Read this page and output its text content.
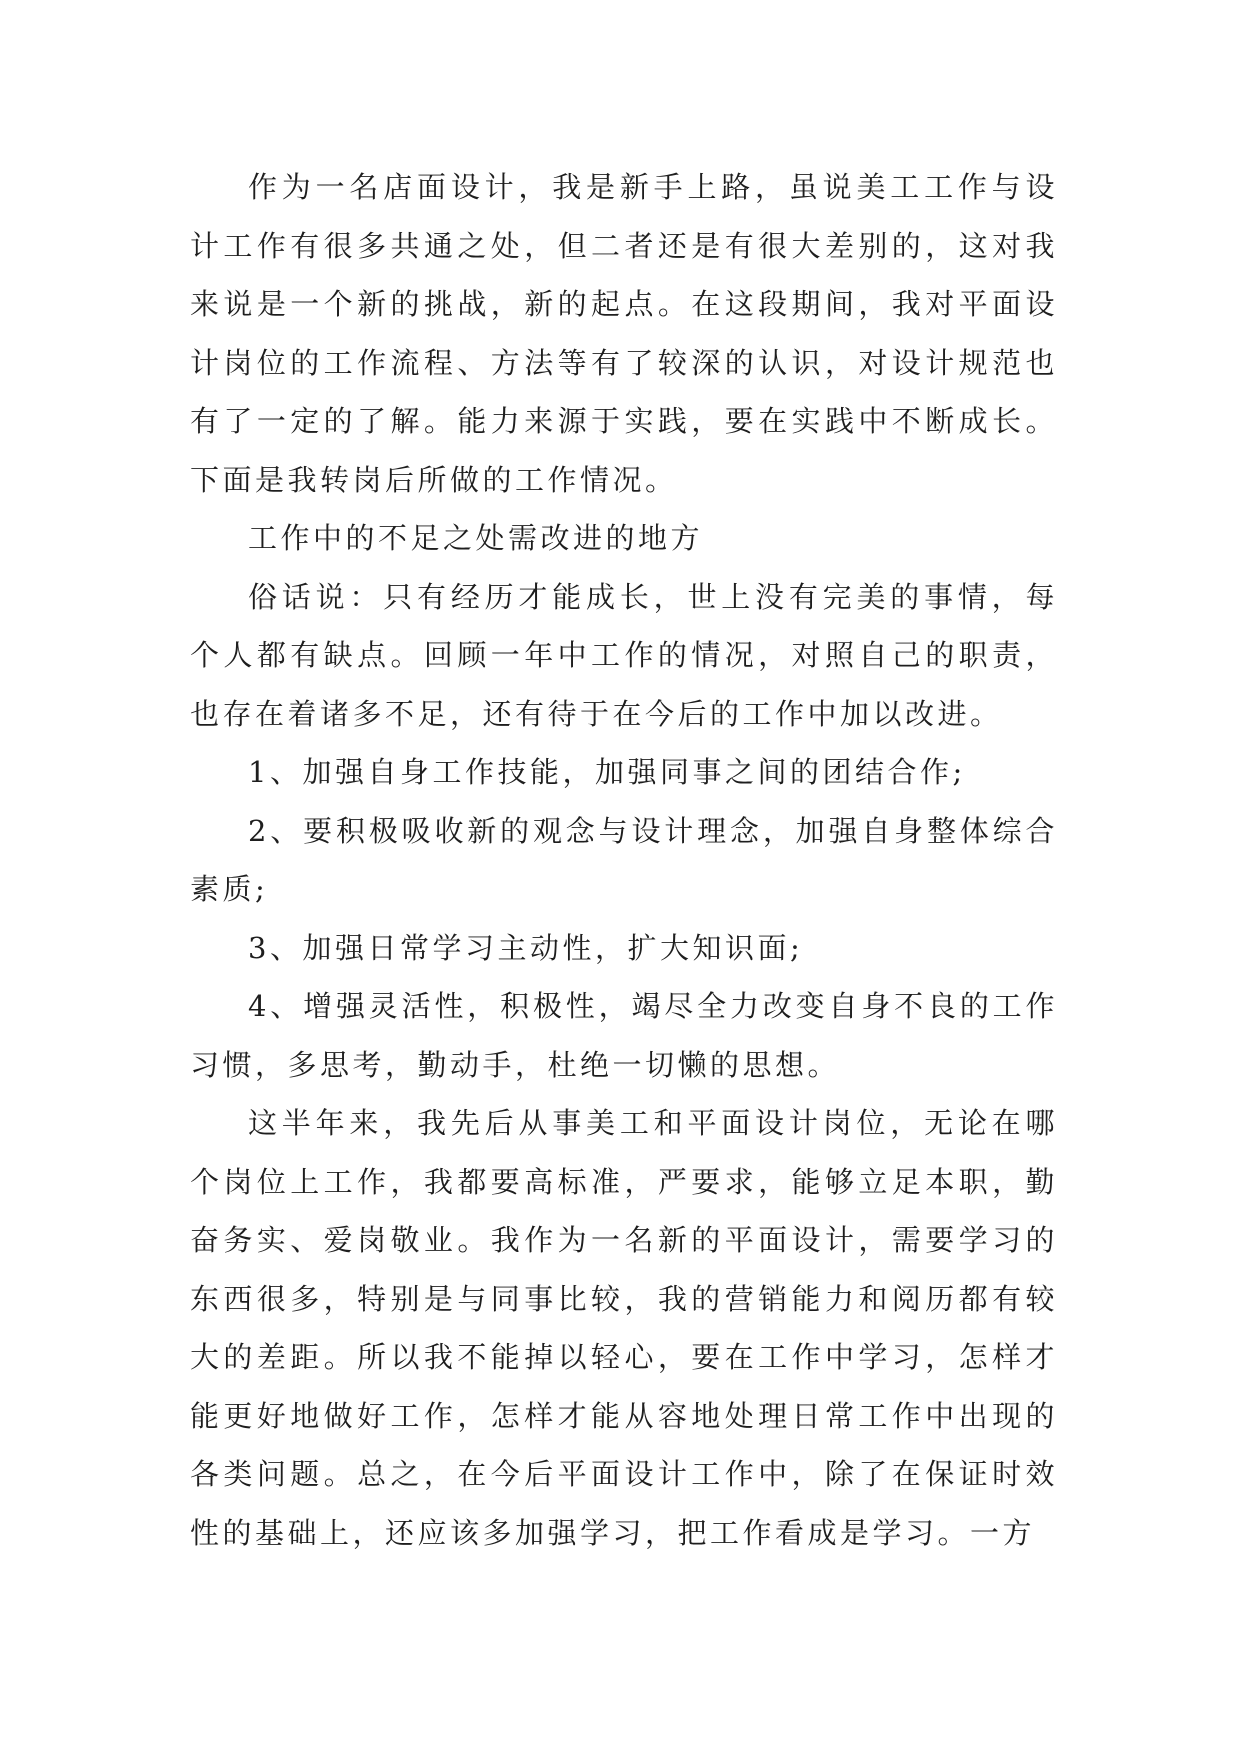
作为一名店面设计，我是新手上路，虽说美工工作与设计工作有很多共通之处，但二者还是有很大差别的，这对我来说是一个新的挑战，新的起点。在这段期间，我对平面设计岗位的工作流程、方法等有了较深的认识，对设计规范也有了一定的了解。能力来源于实践，要在实践中不断成长。下面是我转岗后所做的工作情况。

工作中的不足之处需改进的地方

俗话说：只有经历才能成长，世上没有完美的事情，每个人都有缺点。回顾一年中工作的情况，对照自己的职责，也存在着诸多不足，还有待于在今后的工作中加以改进。

1、加强自身工作技能，加强同事之间的团结合作;

2、要积极吸收新的观念与设计理念，加强自身整体综合素质;

3、加强日常学习主动性，扩大知识面;

4、增强灵活性，积极性，竭尽全力改变自身不良的工作习惯，多思考，勤动手，杜绝一切懒的思想。

这半年来，我先后从事美工和平面设计岗位，无论在哪个岗位上工作，我都要高标准，严要求，能够立足本职，勤奋务实、爱岗敬业。我作为一名新的平面设计，需要学习的东西很多，特别是与同事比较，我的营销能力和阅历都有较大的差距。所以我不能掉以轻心，要在工作中学习，怎样才能更好地做好工作，怎样才能从容地处理日常工作中出现的各类问题。总之，在今后平面设计工作中，除了在保证时效性的基础上，还应该多加强学习，把工作看成是学习。一方
